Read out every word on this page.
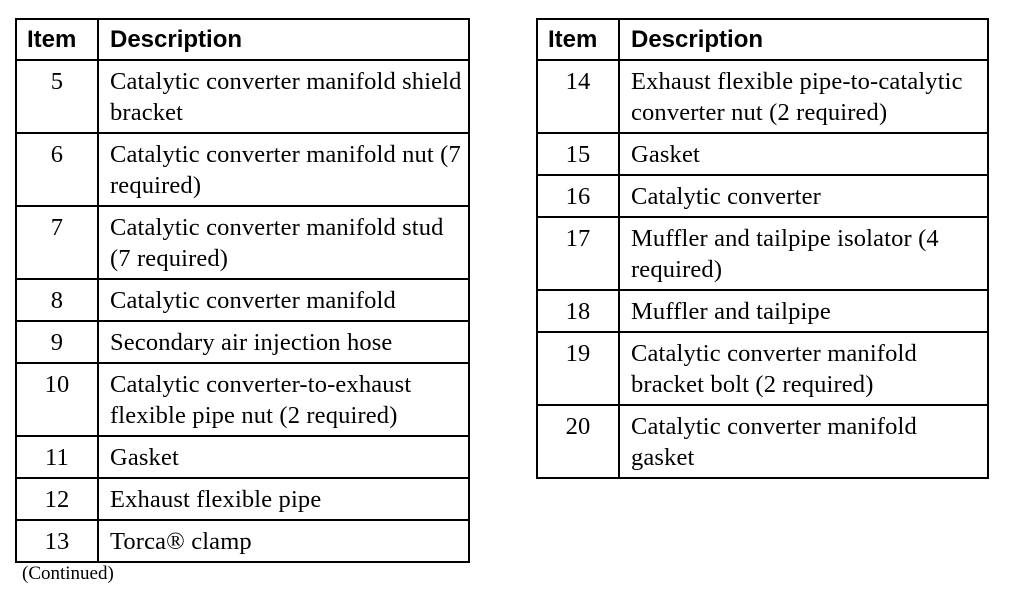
Item	Description
5	Catalytic converter manifold shield bracket
6	Catalytic converter manifold nut (7 required)
7	Catalytic converter manifold stud (7 required)
8	Catalytic converter manifold
9	Secondary air injection hose
10	Catalytic converter-to-exhaust flexible pipe nut (2 required)
11	Gasket
12	Exhaust flexible pipe
13	Torca® clamp
Item	Description
14	Exhaust flexible pipe-to-catalytic converter nut (2 required)
15	Gasket
16	Catalytic converter
17	Muffler and tailpipe isolator (4 required)
18	Muffler and tailpipe
19	Catalytic converter manifold bracket bolt (2 required)
20	Catalytic converter manifold gasket
(Continued)
